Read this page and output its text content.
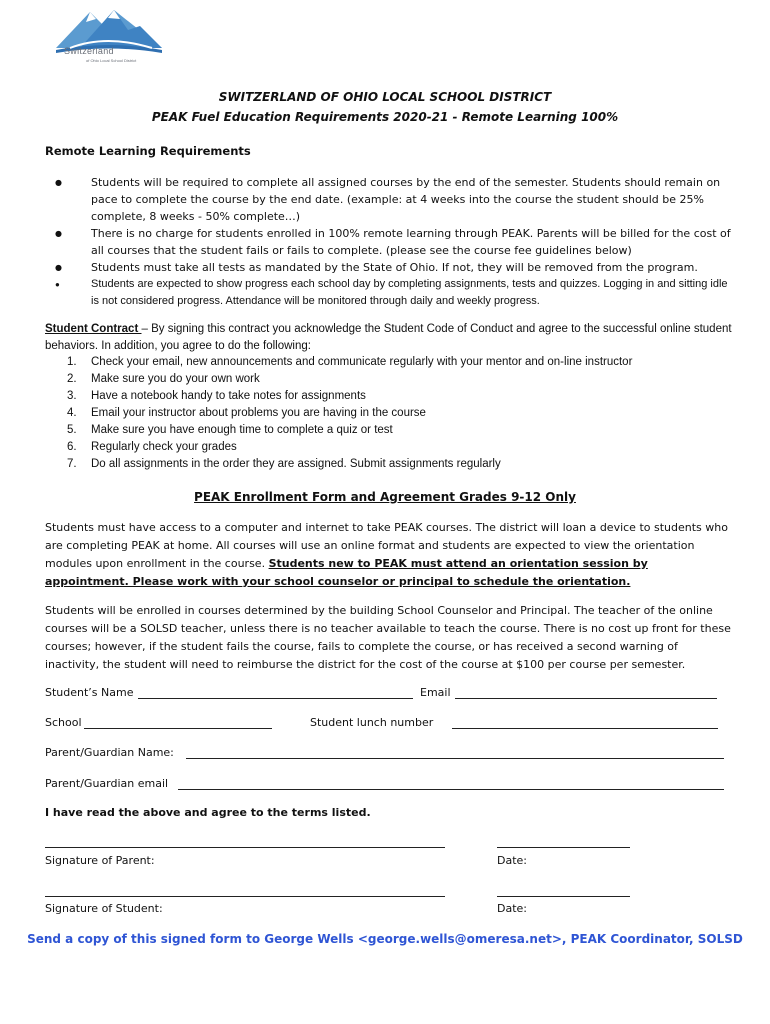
Switzerland
of Ohio Local School District
SWITZERLAND OF OHIO LOCAL SCHOOL DISTRICT
PEAK Fuel Education Requirements 2020-21 - Remote Learning 100%
Remote Learning Requirements
● Students will be required to complete all assigned courses by the end of the semester. Students should remain on pace to complete the course by the end date. (example: at 4 weeks into the course the student should be 25% complete, 8 weeks - 50% complete…)
● There is no charge for students enrolled in 100% remote learning through PEAK. Parents will be billed for the cost of all courses that the student fails or fails to complete. (please see the course fee guidelines below)
● Students must take all tests as mandated by the State of Ohio. If not, they will be removed from the program.
● Students are expected to show progress each school day by completing assignments, tests and quizzes. Logging in and sitting idle is not considered progress. Attendance will be monitored through daily and weekly progress.
Student Contract – By signing this contract you acknowledge the Student Code of Conduct and agree to the successful online student behaviors. In addition, you agree to do the following:
1. Check your email, new announcements and communicate regularly with your mentor and on-line instructor
2. Make sure you do your own work
3. Have a notebook handy to take notes for assignments
4. Email your instructor about problems you are having in the course
5. Make sure you have enough time to complete a quiz or test
6. Regularly check your grades
7. Do all assignments in the order they are assigned. Submit assignments regularly
PEAK Enrollment Form and Agreement Grades 9-12 Only
Students must have access to a computer and internet to take PEAK courses. The district will loan a device to students who are completing PEAK at home. All courses will use an online format and students are expected to view the orientation modules upon enrollment in the course. Students new to PEAK must attend an orientation session by appointment. Please work with your school counselor or principal to schedule the orientation.
Students will be enrolled in courses determined by the building School Counselor and Principal. The teacher of the online courses will be a SOLSD teacher, unless there is no teacher available to teach the course. There is no cost up front for these courses; however, if the student fails the course, fails to complete the course, or has received a second warning of inactivity, the student will need to reimburse the district for the cost of the course at $100 per course per semester.
Student’s Name	Email
School	Student lunch number
Parent/Guardian Name:
Parent/Guardian email
I have read the above and agree to the terms listed.
Signature of Parent:	Date:
Signature of Student:	Date:
Send a copy of this signed form to George Wells <george.wells@omeresa.net>, PEAK Coordinator, SOLSD
